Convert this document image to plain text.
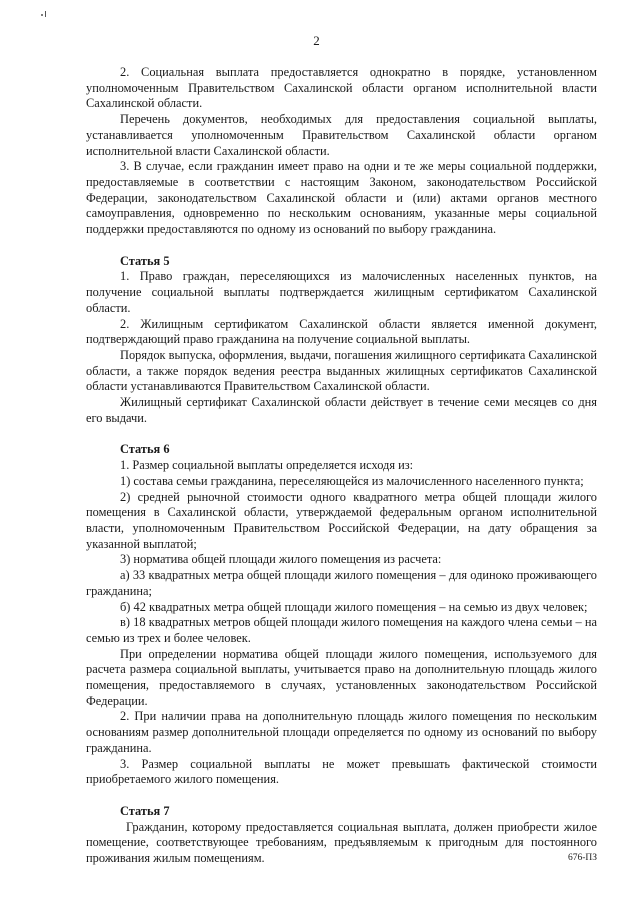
2

2. Социальная выплата предоставляется однократно в порядке, установленном уполномоченным Правительством Сахалинской области органом исполнительной власти Сахалинской области.

Перечень документов, необходимых для предоставления социальной выплаты, устанавливается уполномоченным Правительством Сахалинской области органом исполнительной власти Сахалинской области.

3. В случае, если гражданин имеет право на одни и те же меры социальной поддержки, предоставляемые в соответствии с настоящим Законом, законодательством Российской Федерации, законодательством Сахалинской области и (или) актами органов местного самоуправления, одновременно по нескольким основаниям, указанные меры социальной поддержки предоставляются по одному из оснований по выбору гражданина.

Статья 5

1. Право граждан, переселяющихся из малочисленных населенных пунктов, на получение социальной выплаты подтверждается жилищным сертификатом Сахалинской области.

2. Жилищным сертификатом Сахалинской области является именной документ, подтверждающий право гражданина на получение социальной выплаты.

Порядок выпуска, оформления, выдачи, погашения жилищного сертификата Сахалинской области, а также порядок ведения реестра выданных жилищных сертификатов Сахалинской области устанавливаются Правительством Сахалинской области.

Жилищный сертификат Сахалинской области действует в течение семи месяцев со дня его выдачи.

Статья 6

1. Размер социальной выплаты определяется исходя из:

1) состава семьи гражданина, переселяющейся из малочисленного населенного пункта;

2) средней рыночной стоимости одного квадратного метра общей площади жилого помещения в Сахалинской области, утверждаемой федеральным органом исполнительной власти, уполномоченным Правительством Российской Федерации, на дату обращения за указанной выплатой;

3) норматива общей площади жилого помещения из расчета:

а) 33 квадратных метра общей площади жилого помещения – для одиноко проживающего гражданина;

б) 42 квадратных метра общей площади жилого помещения – на семью из двух человек;

в) 18 квадратных метров общей площади жилого помещения на каждого члена семьи – на семью из трех и более человек.

При определении норматива общей площади жилого помещения, используемого для расчета размера социальной выплаты, учитывается право на дополнительную площадь жилого помещения, предоставляемого в случаях, установленных законодательством Российской Федерации.

2. При наличии права на дополнительную площадь жилого помещения по нескольким основаниям размер дополнительной площади определяется по одному из оснований по выбору гражданина.

3. Размер социальной выплаты не может превышать фактической стоимости приобретаемого жилого помещения.

Статья 7

Гражданин, которому предоставляется социальная выплата, должен приобрести жилое помещение, соответствующее требованиям, предъявляемым к пригодным для постоянного проживания жилым помещениям.	676-ПЗ
